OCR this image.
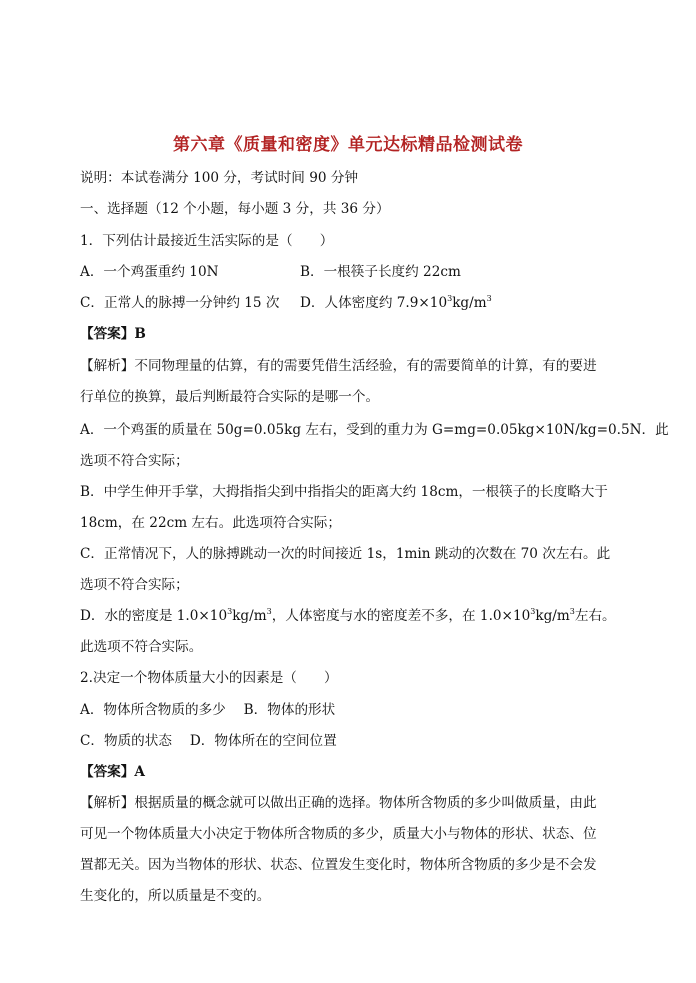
第六章《质量和密度》单元达标精品检测试卷
说明：本试卷满分 100 分，考试时间 90 分钟
一、选择题（12 个小题，每小题 3 分，共 36 分）
1．下列估计最接近生活实际的是（　　）
A．一个鸡蛋重约 10N	B．一根筷子长度约 22cm
C．正常人的脉搏一分钟约 15 次 D．人体密度约 $7.9\times 10^3kg/m^3$
【答案】B
【解析】不同物理量的估算，有的需要凭借生活经验，有的需要简单的计算，有的要进
行单位的换算，最后判断最符合实际的是哪一个。
A．一个鸡蛋的质量在 50g=0.05kg 左右，受到的重力为 G=mg=0.05kg×10N/kg=0.5N．此
选项不符合实际；
B．中学生伸开手掌，大拇指指尖到中指指尖的距离大约 18cm，一根筷子的长度略大于
18cm，在 22cm 左右。此选项符合实际；
C．正常情况下，人的脉搏跳动一次的时间接近 1s，1min 跳动的次数在 70 次左右。此
选项不符合实际；
D．水的密度是 $1.0\times 10^3kg/m^3$，人体密度与水的密度差不多，在 $1.0\times 10^3kg/m^3$左右。
此选项不符合实际。
2.决定一个物体质量大小的因素是（　　）
A．物体所含物质的多少　 B．物体的形状
C．物质的状态　 D．物体所在的空间位置
【答案】A
【解析】根据质量的概念就可以做出正确的选择。物体所含物质的多少叫做质量，由此
可见一个物体质量大小决定于物体所含物质的多少，质量大小与物体的形状、状态、位
置都无关。因为当物体的形状、状态、位置发生变化时，物体所含物质的多少是不会发
生变化的，所以质量是不变的。
